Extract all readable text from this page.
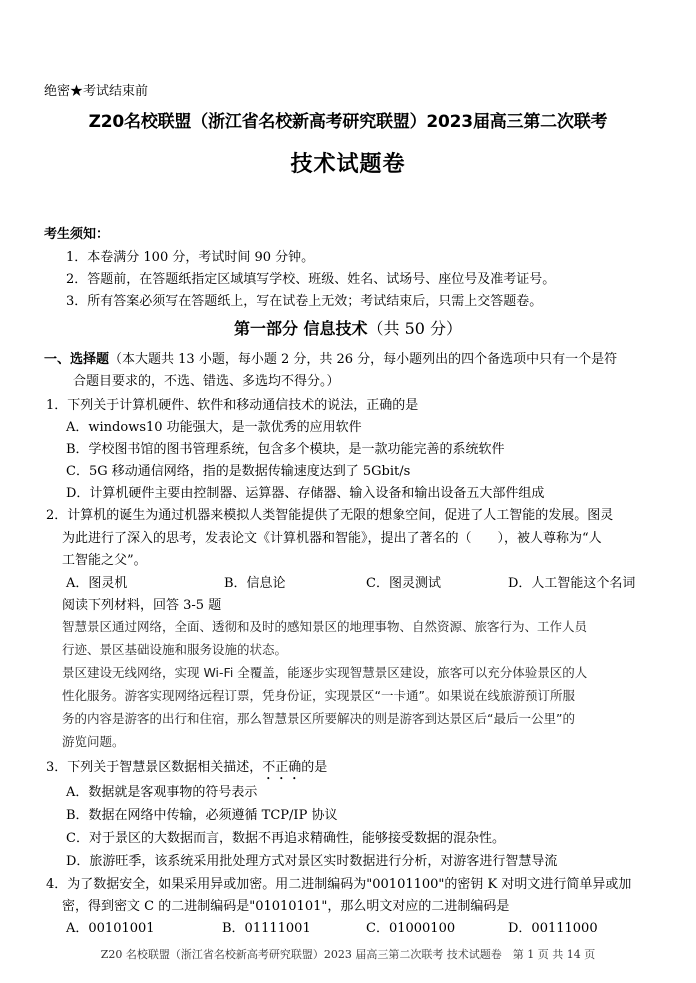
绝密★考试结束前
Z20名校联盟（浙江省名校新高考研究联盟）2023届高三第二次联考
技术试题卷
考生须知：
1．本卷满分 100 分，考试时间 90 分钟。
2．答题前，在答题纸指定区域填写学校、班级、姓名、试场号、座位号及准考证号。
3．所有答案必须写在答题纸上，写在试卷上无效；考试结束后，只需上交答题卷。
第一部分 信息技术（共 50 分）
一、选择题（本大题共 13 小题，每小题 2 分，共 26 分，每小题列出的四个备选项中只有一个是符
合题目要求的，不选、错选、多选均不得分。）
1．下列关于计算机硬件、软件和移动通信技术的说法，正确的是
A．windows10 功能强大，是一款优秀的应用软件
B．学校图书馆的图书管理系统，包含多个模块，是一款功能完善的系统软件
C．5G 移动通信网络，指的是数据传输速度达到了 5Gbit/s
D．计算机硬件主要由控制器、运算器、存储器、输入设备和输出设备五大部件组成
2．计算机的诞生为通过机器来模拟人类智能提供了无限的想象空间，促进了人工智能的发展。图灵
为此进行了深入的思考，发表论文《计算机器和智能》，提出了著名的（　　），被人尊称为“人
工智能之父”。
A．图灵机	B．信息论	C．图灵测试	D．人工智能这个名词
阅读下列材料，回答 3-5 题
智慧景区通过网络，全面、透彻和及时的感知景区的地理事物、自然资源、旅客行为、工作人员
行迹、景区基础设施和服务设施的状态。
景区建设无线网络，实现 Wi-Fi 全覆盖，能逐步实现智慧景区建设，旅客可以充分体验景区的人
性化服务。游客实现网络远程订票，凭身份证，实现景区“一卡通”。如果说在线旅游预订所服
务的内容是游客的出行和住宿，那么智慧景区所要解决的则是游客到达景区后“最后一公里”的
游览问题。
3．下列关于智慧景区数据相关描述，不正确的是
A．数据就是客观事物的符号表示
B．数据在网络中传输，必须遵循 TCP/IP 协议
C．对于景区的大数据而言，数据不再追求精确性，能够接受数据的混杂性。
D．旅游旺季，该系统采用批处理方式对景区实时数据进行分析，对游客进行智慧导流
4．为了数据安全，如果采用异或加密。用二进制编码为"00101100"的密钥 K 对明文进行简单异或加
密，得到密文 C 的二进制编码是"01010101"，那么明文对应的二进制编码是
A．00101001	B．01111001	C．01000100	D．00111000
Z20 名校联盟（浙江省名校新高考研究联盟）2023 届高三第二次联考 技术试题卷　第 1 页 共 14 页
